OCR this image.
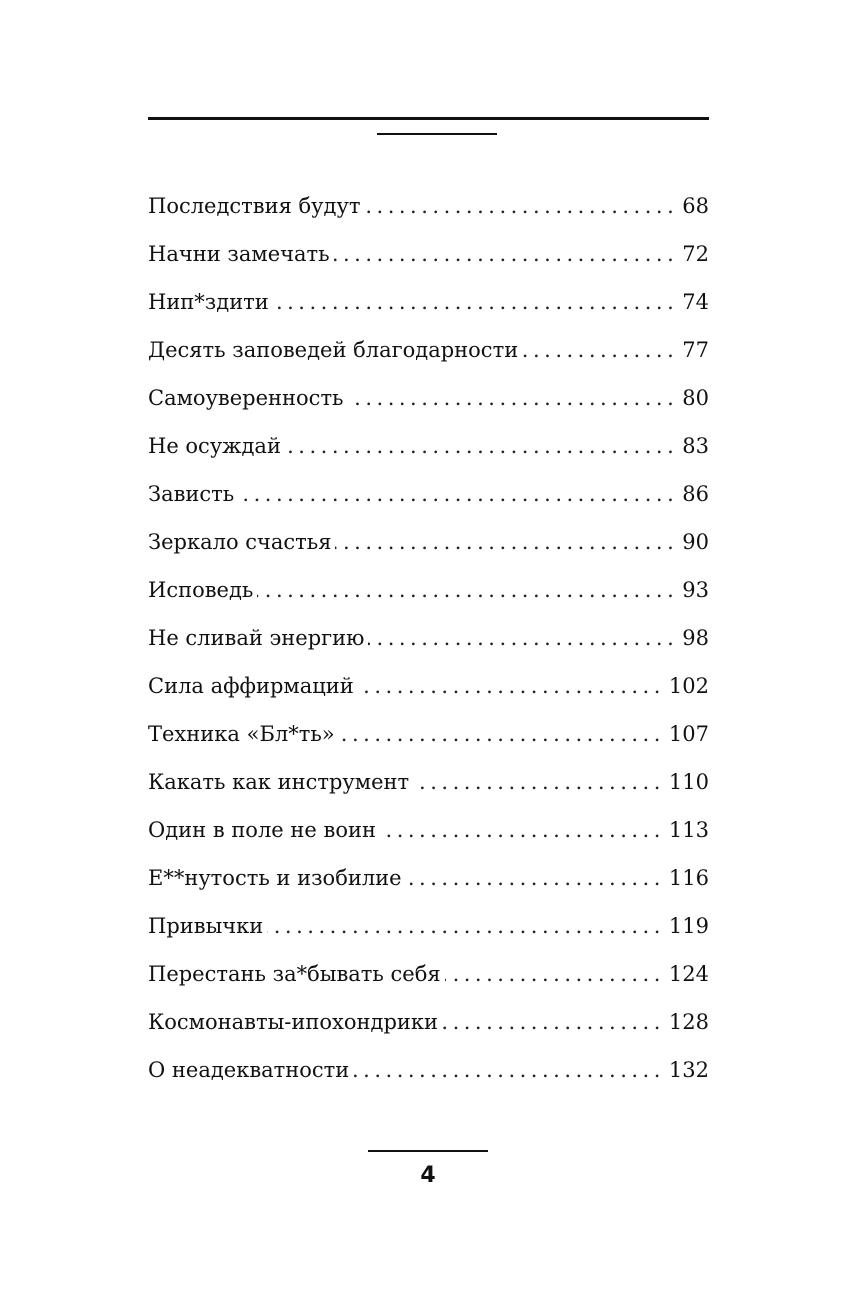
Последствия будут .....	68
Начни замечать .....	72
Нип*здити .....	74
Десять заповедей благодарности .....	77
Самоуверенность .....	80
Не осуждай .....	83
Зависть .....	86
Зеркало счастья .....	90
Исповедь .....	93
Не сливай энергию .....	98
Сила аффирмаций .....	102
Техника «Бл*ть» .....	107
Какать как инструмент .....	110
Один в поле не воин .....	113
Е**нутость и изобилие .....	116
Привычки .....	119
Перестань за*бывать себя .....	124
Космонавты-ипохондрики .....	128
О неадекватности .....	132
4
